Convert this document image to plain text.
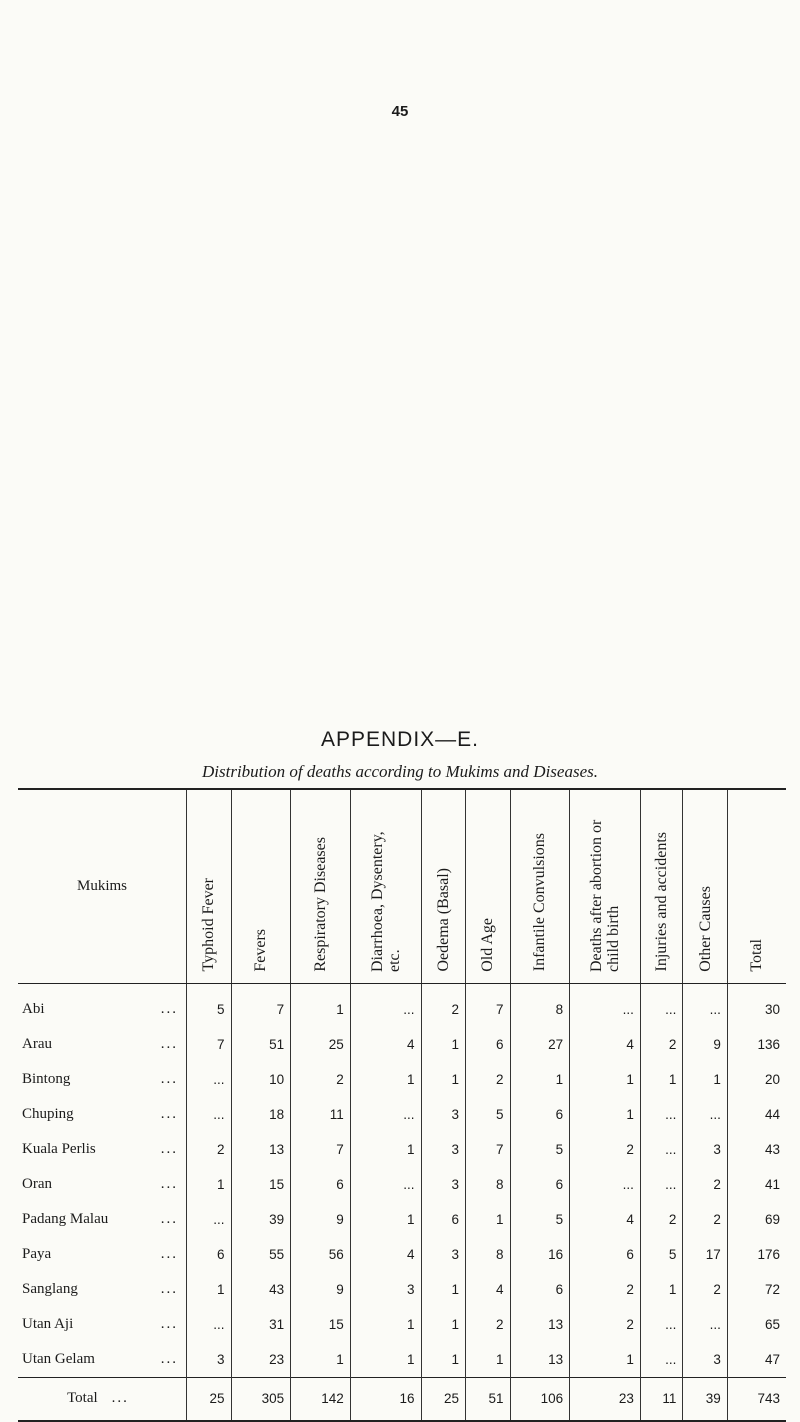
45
APPENDIX—E.
Distribution of deaths according to Mukims and Diseases.
Mukims	Typhoid Fever	Fevers	Respiratory Diseases	Diarrhoea, Dysentery, etc.	Oedema (Basal)	Old Age	Infantile Convulsions	Deaths after abortion or child birth	Injuries and accidents	Other Causes	Total
Abi ...	5	7	1	...	2	7	8	...	...	...	30
Arau ...	7	51	25	4	1	6	27	4	2	9	136
Bintong ...	...	10	2	1	1	2	1	1	1	1	20
Chuping ...	...	18	11	...	3	5	6	1	...	...	44
Kuala Perlis ...	2	13	7	1	3	7	5	2	...	3	43
Oran ...	1	15	6	...	3	8	6	...	...	2	41
Padang Malau ...	...	39	9	1	6	1	5	4	2	2	69
Paya ...	6	55	56	4	3	8	16	6	5	17	176
Sanglang ...	1	43	9	3	1	4	6	2	1	2	72
Utan Aji ...	...	31	15	1	1	2	13	2	...	...	65
Utan Gelam ...	3	23	1	1	1	1	13	1	...	3	47
Total ...	25	305	142	16	25	51	106	23	11	39	743
